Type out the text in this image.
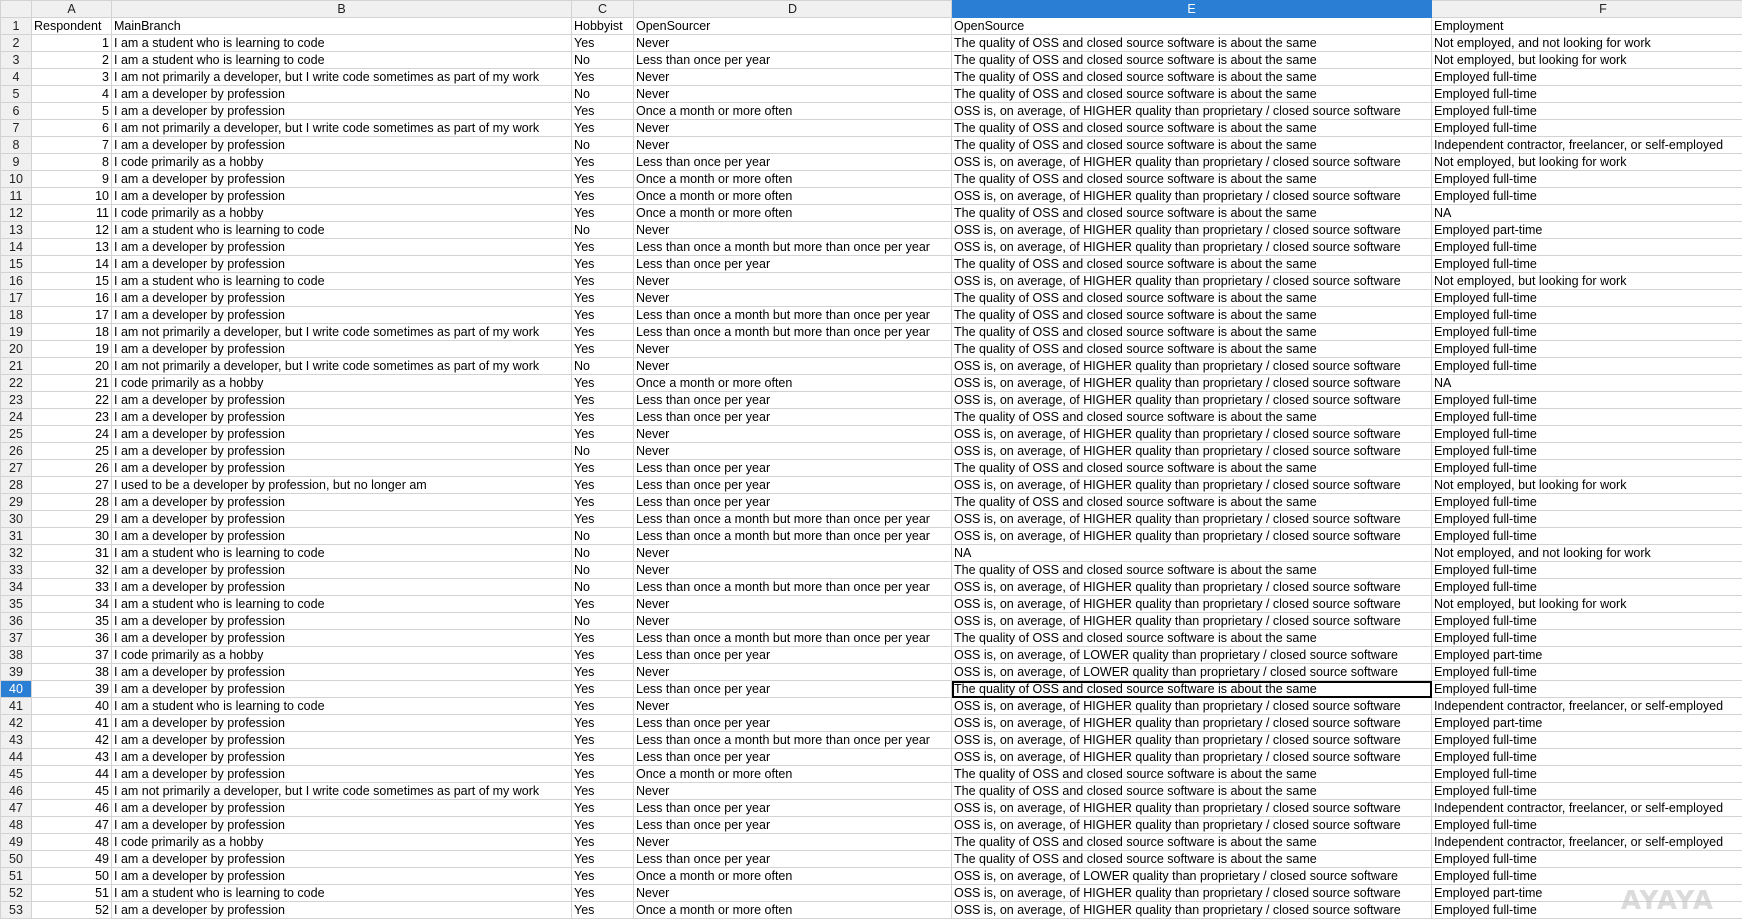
	A	B	C	D	E	F
1	Respondent	MainBranch	Hobbyist	OpenSourcer	OpenSource	Employment
2	1	I am a student who is learning to code	Yes	Never	The quality of OSS and closed source software is about the same	Not employed, and not looking for work
3	2	I am a student who is learning to code	No	Less than once per year	The quality of OSS and closed source software is about the same	Not employed, but looking for work
4	3	I am not primarily a developer, but I write code sometimes as part of my work	Yes	Never	The quality of OSS and closed source software is about the same	Employed full-time
5	4	I am a developer by profession	No	Never	The quality of OSS and closed source software is about the same	Employed full-time
6	5	I am a developer by profession	Yes	Once a month or more often	OSS is, on average, of HIGHER quality than proprietary / closed source software	Employed full-time
7	6	I am not primarily a developer, but I write code sometimes as part of my work	Yes	Never	The quality of OSS and closed source software is about the same	Employed full-time
8	7	I am a developer by profession	No	Never	The quality of OSS and closed source software is about the same	Independent contractor, freelancer, or self-employed
9	8	I code primarily as a hobby	Yes	Less than once per year	OSS is, on average, of HIGHER quality than proprietary / closed source software	Not employed, but looking for work
10	9	I am a developer by profession	Yes	Once a month or more often	The quality of OSS and closed source software is about the same	Employed full-time
11	10	I am a developer by profession	Yes	Once a month or more often	OSS is, on average, of HIGHER quality than proprietary / closed source software	Employed full-time
12	11	I code primarily as a hobby	Yes	Once a month or more often	The quality of OSS and closed source software is about the same	NA
13	12	I am a student who is learning to code	No	Never	OSS is, on average, of HIGHER quality than proprietary / closed source software	Employed part-time
14	13	I am a developer by profession	Yes	Less than once a month but more than once per year	OSS is, on average, of HIGHER quality than proprietary / closed source software	Employed full-time
15	14	I am a developer by profession	Yes	Less than once per year	The quality of OSS and closed source software is about the same	Employed full-time
16	15	I am a student who is learning to code	Yes	Never	OSS is, on average, of HIGHER quality than proprietary / closed source software	Not employed, but looking for work
17	16	I am a developer by profession	Yes	Never	The quality of OSS and closed source software is about the same	Employed full-time
18	17	I am a developer by profession	Yes	Less than once a month but more than once per year	The quality of OSS and closed source software is about the same	Employed full-time
19	18	I am not primarily a developer, but I write code sometimes as part of my work	Yes	Less than once a month but more than once per year	The quality of OSS and closed source software is about the same	Employed full-time
20	19	I am a developer by profession	Yes	Never	The quality of OSS and closed source software is about the same	Employed full-time
21	20	I am not primarily a developer, but I write code sometimes as part of my work	No	Never	OSS is, on average, of HIGHER quality than proprietary / closed source software	Employed full-time
22	21	I code primarily as a hobby	Yes	Once a month or more often	OSS is, on average, of HIGHER quality than proprietary / closed source software	NA
23	22	I am a developer by profession	Yes	Less than once per year	OSS is, on average, of HIGHER quality than proprietary / closed source software	Employed full-time
24	23	I am a developer by profession	Yes	Less than once per year	The quality of OSS and closed source software is about the same	Employed full-time
25	24	I am a developer by profession	Yes	Never	OSS is, on average, of HIGHER quality than proprietary / closed source software	Employed full-time
26	25	I am a developer by profession	No	Never	OSS is, on average, of HIGHER quality than proprietary / closed source software	Employed full-time
27	26	I am a developer by profession	Yes	Less than once per year	The quality of OSS and closed source software is about the same	Employed full-time
28	27	I used to be a developer by profession, but no longer am	Yes	Less than once per year	OSS is, on average, of HIGHER quality than proprietary / closed source software	Not employed, but looking for work
29	28	I am a developer by profession	Yes	Less than once per year	The quality of OSS and closed source software is about the same	Employed full-time
30	29	I am a developer by profession	Yes	Less than once a month but more than once per year	OSS is, on average, of HIGHER quality than proprietary / closed source software	Employed full-time
31	30	I am a developer by profession	No	Less than once a month but more than once per year	OSS is, on average, of HIGHER quality than proprietary / closed source software	Employed full-time
32	31	I am a student who is learning to code	No	Never	NA	Not employed, and not looking for work
33	32	I am a developer by profession	No	Never	The quality of OSS and closed source software is about the same	Employed full-time
34	33	I am a developer by profession	No	Less than once a month but more than once per year	OSS is, on average, of HIGHER quality than proprietary / closed source software	Employed full-time
35	34	I am a student who is learning to code	Yes	Never	OSS is, on average, of HIGHER quality than proprietary / closed source software	Not employed, but looking for work
36	35	I am a developer by profession	No	Never	OSS is, on average, of HIGHER quality than proprietary / closed source software	Employed full-time
37	36	I am a developer by profession	Yes	Less than once a month but more than once per year	The quality of OSS and closed source software is about the same	Employed full-time
38	37	I code primarily as a hobby	Yes	Less than once per year	OSS is, on average, of LOWER quality than proprietary / closed source software	Employed part-time
39	38	I am a developer by profession	Yes	Never	OSS is, on average, of LOWER quality than proprietary / closed source software	Employed full-time
40	39	I am a developer by profession	Yes	Less than once per year	The quality of OSS and closed source software is about the same	Employed full-time
41	40	I am a student who is learning to code	Yes	Never	OSS is, on average, of HIGHER quality than proprietary / closed source software	Independent contractor, freelancer, or self-employed
42	41	I am a developer by profession	Yes	Less than once per year	OSS is, on average, of HIGHER quality than proprietary / closed source software	Employed part-time
43	42	I am a developer by profession	Yes	Less than once a month but more than once per year	OSS is, on average, of HIGHER quality than proprietary / closed source software	Employed full-time
44	43	I am a developer by profession	Yes	Less than once per year	OSS is, on average, of HIGHER quality than proprietary / closed source software	Employed full-time
45	44	I am a developer by profession	Yes	Once a month or more often	The quality of OSS and closed source software is about the same	Employed full-time
46	45	I am not primarily a developer, but I write code sometimes as part of my work	Yes	Never	The quality of OSS and closed source software is about the same	Employed full-time
47	46	I am a developer by profession	Yes	Less than once per year	OSS is, on average, of HIGHER quality than proprietary / closed source software	Independent contractor, freelancer, or self-employed
48	47	I am a developer by profession	Yes	Less than once per year	OSS is, on average, of HIGHER quality than proprietary / closed source software	Employed full-time
49	48	I code primarily as a hobby	Yes	Never	The quality of OSS and closed source software is about the same	Independent contractor, freelancer, or self-employed
50	49	I am a developer by profession	Yes	Less than once per year	The quality of OSS and closed source software is about the same	Employed full-time
51	50	I am a developer by profession	Yes	Once a month or more often	OSS is, on average, of LOWER quality than proprietary / closed source software	Employed full-time
52	51	I am a student who is learning to code	Yes	Never	OSS is, on average, of HIGHER quality than proprietary / closed source software	Employed part-time
53	52	I am a developer by profession	Yes	Once a month or more often	OSS is, on average, of HIGHER quality than proprietary / closed source software	Employed full-time	AYAYA
